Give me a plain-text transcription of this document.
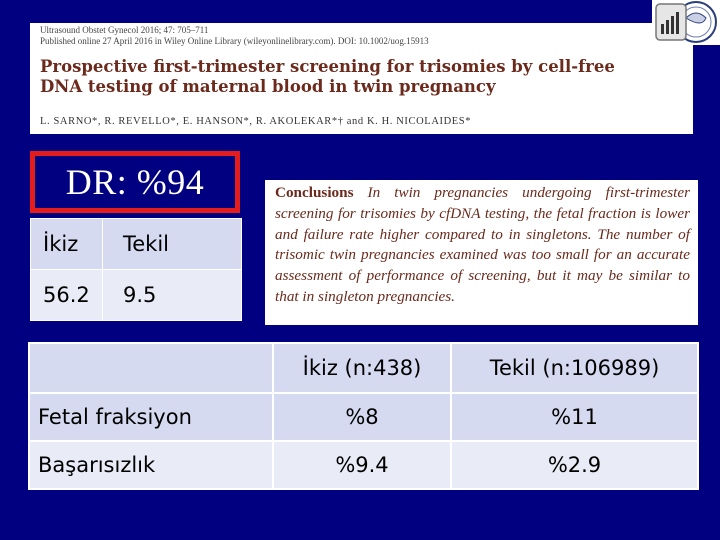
Ultrasound Obstet Gynecol 2016; 47: 705–711
Published online 27 April 2016 in Wiley Online Library (wileyonlinelibrary.com). DOI: 10.1002/uog.15913
Prospective first-trimester screening for trisomies by cell-free
DNA testing of maternal blood in twin pregnancy
L. SARNO*, R. REVELLO*, E. HANSON*, R. AKOLEKAR*† and K. H. NICOLAIDES*
DR: %94
İkiz	Tekil
56.2	9.5

Conclusions In twin pregnancies undergoing first-trimester screening for trisomies by cfDNA testing, the fetal fraction is lower and failure rate higher compared to in singletons. The number of trisomic twin pregnancies examined was too small for an accurate assessment of performance of screening, but it may be similar to that in singleton pregnancies.

	İkiz (n:438)	Tekil (n:106989)
Fetal fraksiyon	%8	%11
Başarısızlık	%9.4	%2.9
